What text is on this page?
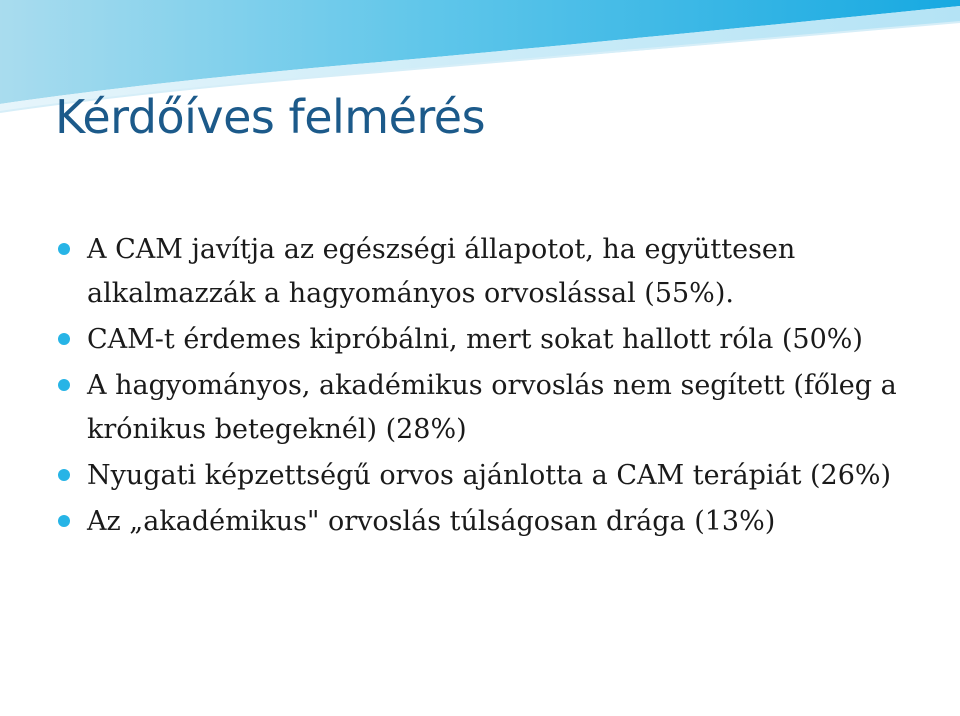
Kérdőíves felmérés
A CAM javítja az egészségi állapotot, ha együttesen alkalmazzák a hagyományos orvoslással (55%).
CAM-t érdemes kipróbálni, mert sokat hallott róla (50%)
A hagyományos, akadémikus orvoslás nem segített (főleg a krónikus betegeknél) (28%)
Nyugati képzettségű orvos ajánlotta a CAM terápiát (26%)
Az „akadémikus" orvoslás túlságosan drága (13%)
